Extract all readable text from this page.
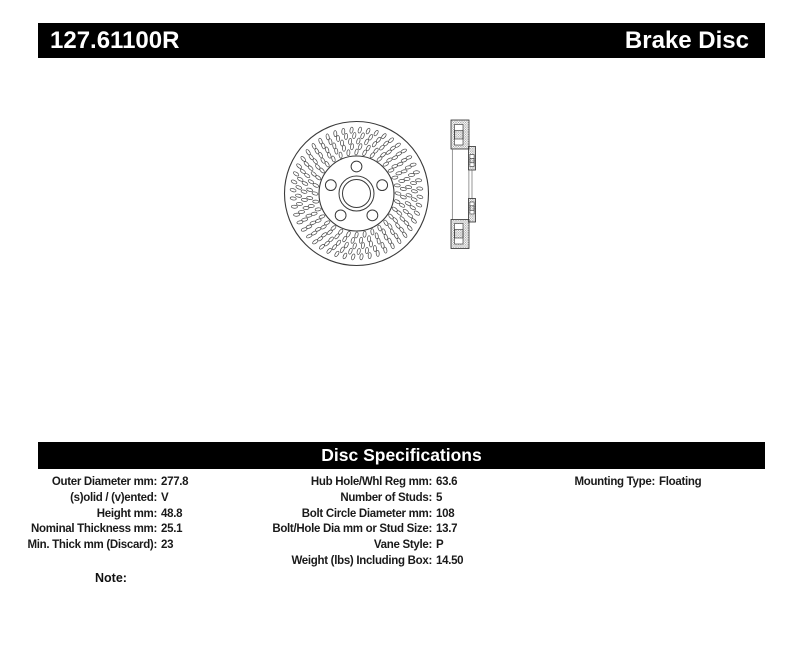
127.61100R	Brake Disc
Disc Specifications
Outer Diameter mm: 277.8
(s)olid / (v)ented: V
Height mm: 48.8
Nominal Thickness mm: 25.1
Min. Thick mm (Discard): 23
Hub Hole/Whl Reg mm: 63.6
Number of Studs: 5
Bolt Circle Diameter mm: 108
Bolt/Hole Dia mm or Stud Size: 13.7
Vane Style: P
Weight (lbs) Including Box: 14.50
Mounting Type: Floating
Note:
